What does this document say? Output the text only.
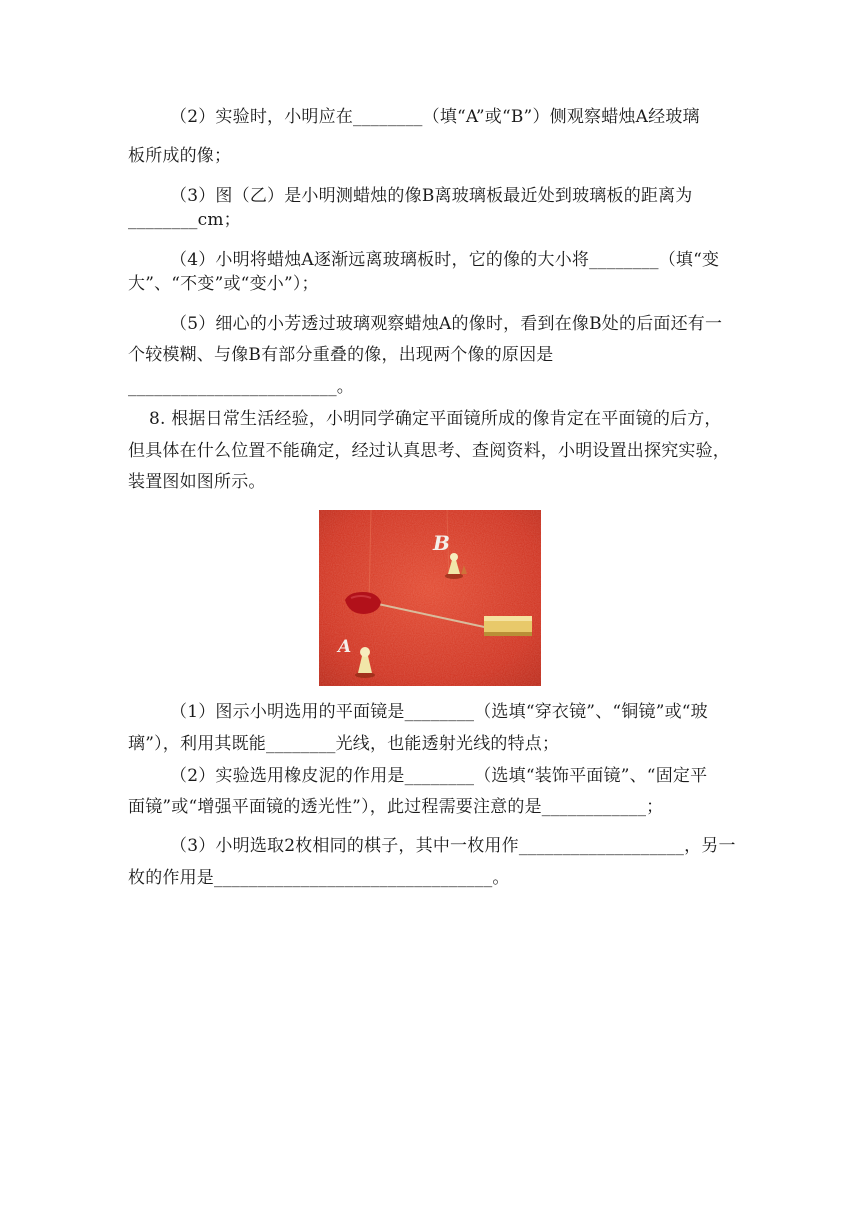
（2）实验时，小明应在________（填“A”或“B”）侧观察蜡烛A经玻璃
板所成的像；
（3）图（乙）是小明测蜡烛的像B离玻璃板最近处到玻璃板的距离为
________cm；
（4）小明将蜡烛A逐渐远离玻璃板时，它的像的大小将________（填“变
大”、“不变”或“变小”）；
（5）细心的小芳透过玻璃观察蜡烛A的像时，看到在像B处的后面还有一
个较模糊、与像B有部分重叠的像，出现两个像的原因是
________________________。
8. 根据日常生活经验，小明同学确定平面镜所成的像肯定在平面镜的后方，
但具体在什么位置不能确定，经过认真思考、查阅资料，小明设置出探究实验，
装置图如图所示。
B
A
（1）图示小明选用的平面镜是________（选填“穿衣镜”、“铜镜”或“玻
璃”），利用其既能________光线，也能透射光线的特点；
（2）实验选用橡皮泥的作用是________（选填“装饰平面镜”、“固定平
面镜”或“增强平面镜的透光性”），此过程需要注意的是____________；
（3）小明选取2枚相同的棋子，其中一枚用作___________________，另一
枚的作用是________________________________。
